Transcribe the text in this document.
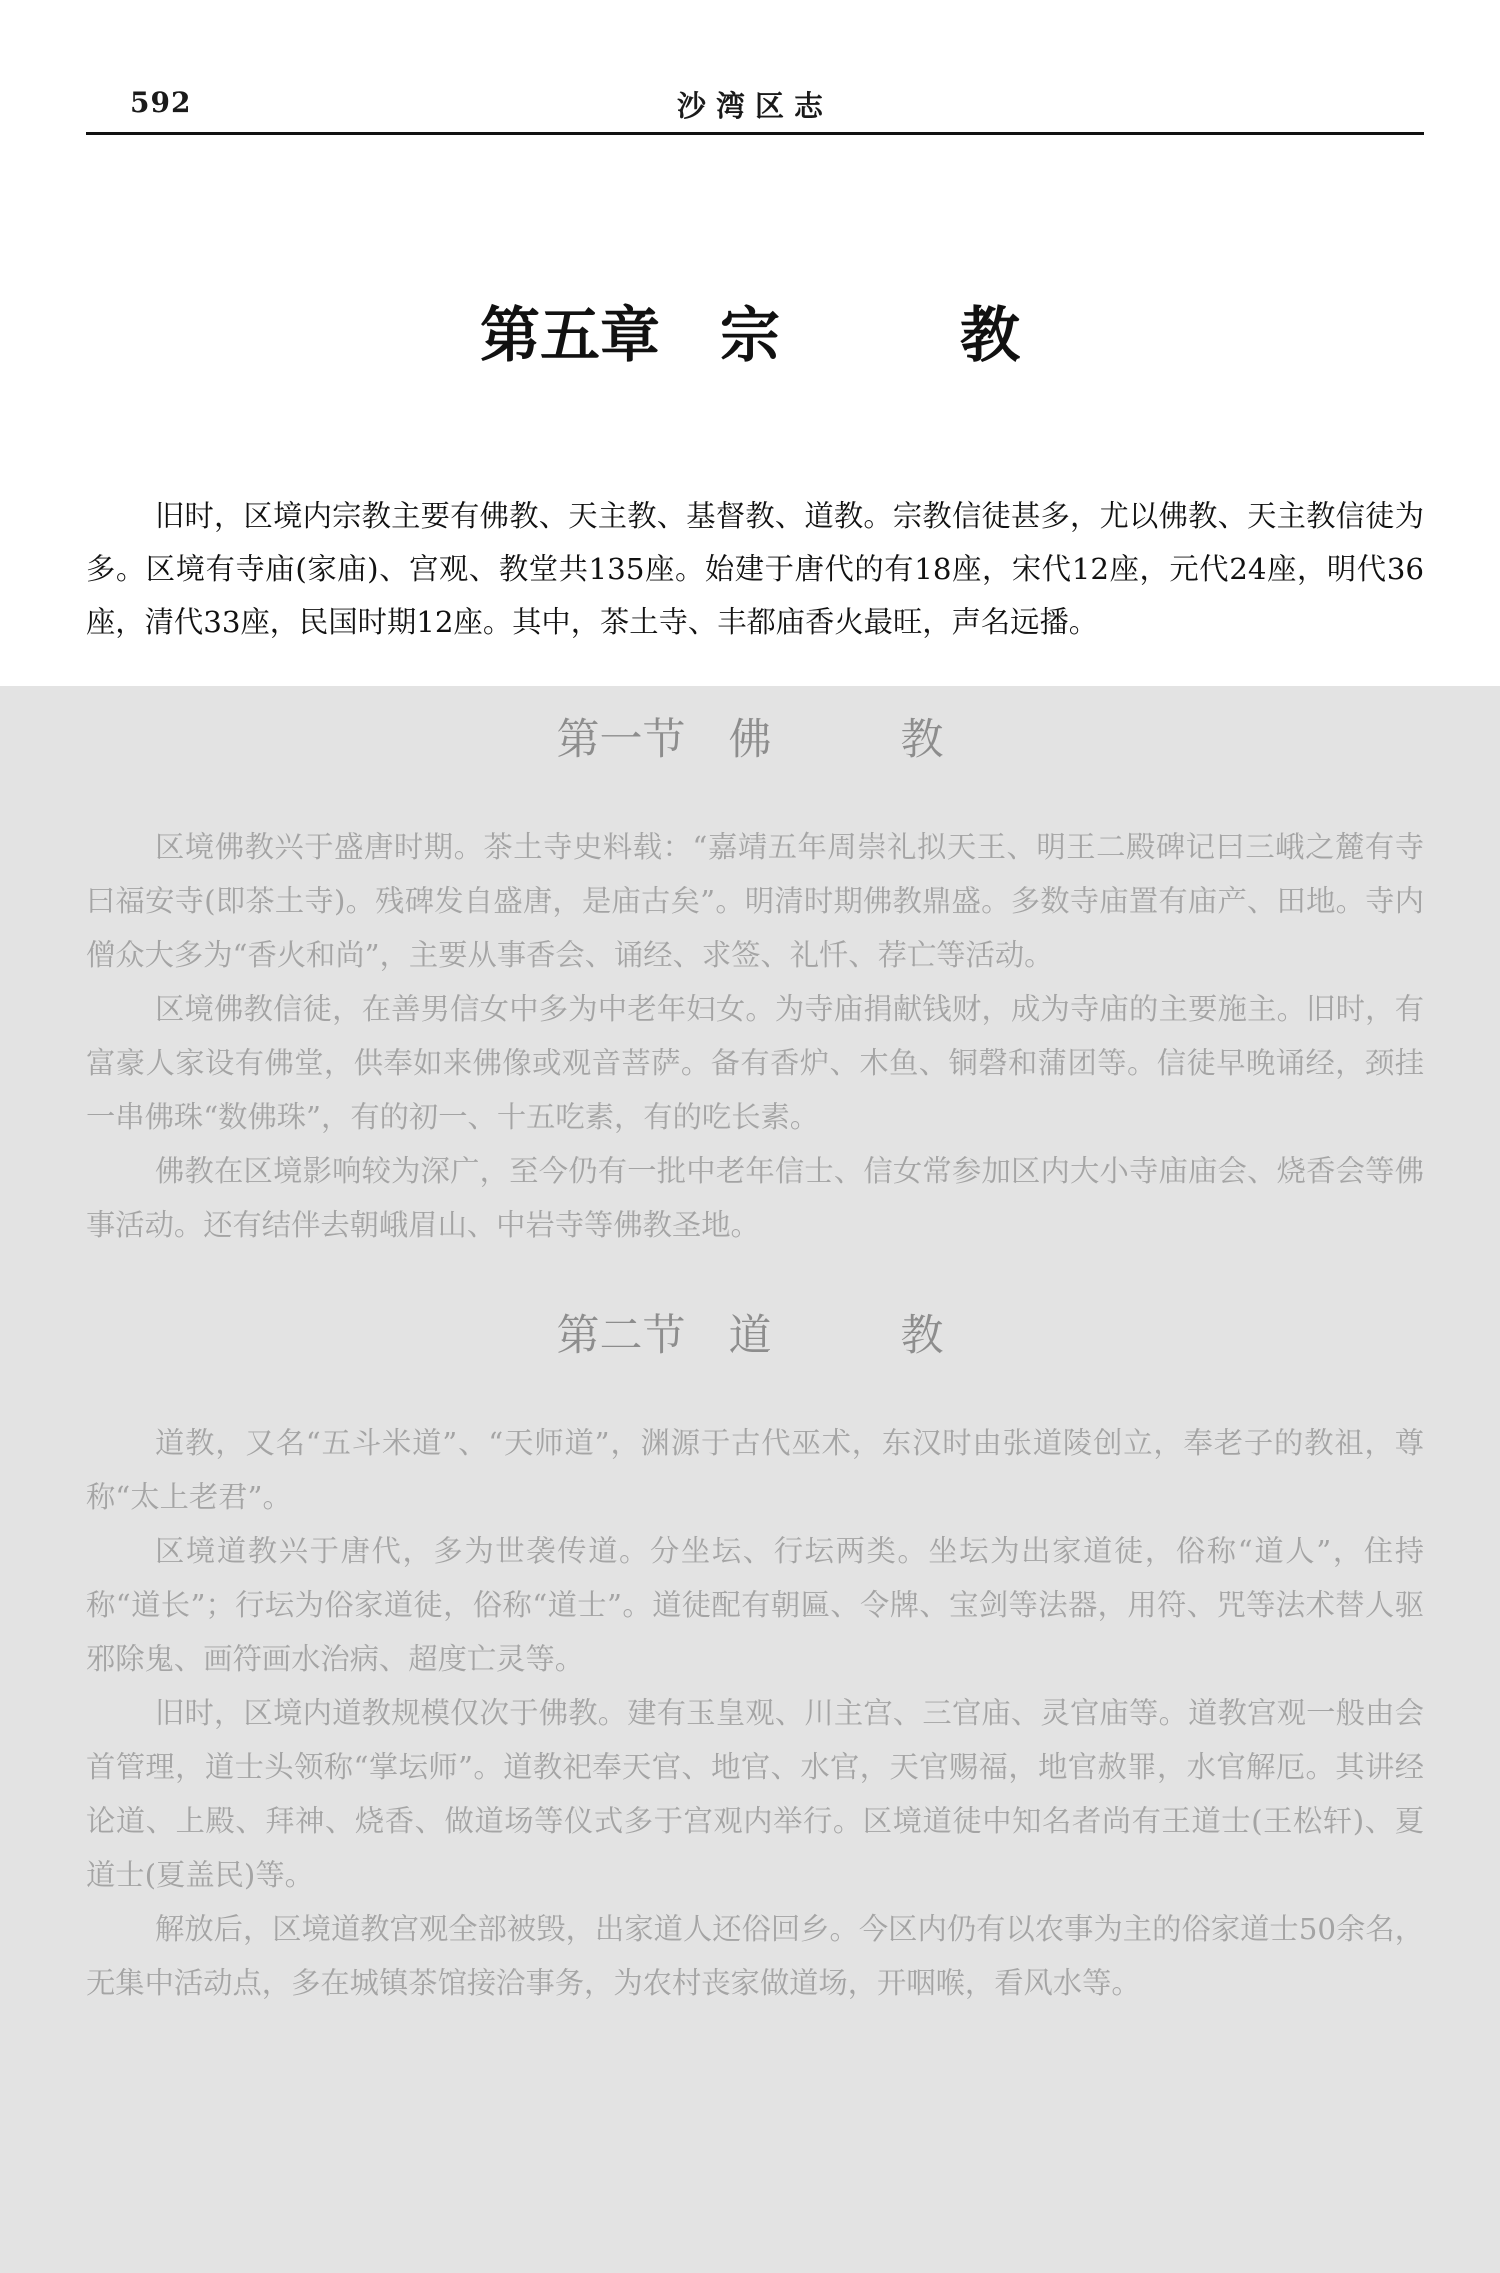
592	沙湾区志
第五章　宗　　　教
旧时，区境内宗教主要有佛教、天主教、基督教、道教。宗教信徒甚多，尤以佛教、天主教信徒为多。区境有寺庙(家庙)、宫观、教堂共135座。始建于唐代的有18座，宋代12座，元代24座，明代36座，清代33座，民国时期12座。其中，茶土寺、丰都庙香火最旺，声名远播。
第一节　佛　　　教

区境佛教兴于盛唐时期。茶土寺史料载：“嘉靖五年周崇礼拟天王、明王二殿碑记曰三峨之麓有寺曰福安寺(即茶土寺)。残碑发自盛唐，是庙古矣”。明清时期佛教鼎盛。多数寺庙置有庙产、田地。寺内僧众大多为“香火和尚”，主要从事香会、诵经、求签、礼忏、荐亡等活动。

区境佛教信徒，在善男信女中多为中老年妇女。为寺庙捐献钱财，成为寺庙的主要施主。旧时，有富豪人家设有佛堂，供奉如来佛像或观音菩萨。备有香炉、木鱼、铜磬和蒲团等。信徒早晚诵经，颈挂一串佛珠“数佛珠”，有的初一、十五吃素，有的吃长素。

佛教在区境影响较为深广，至今仍有一批中老年信士、信女常参加区内大小寺庙庙会、烧香会等佛事活动。还有结伴去朝峨眉山、中岩寺等佛教圣地。

第二节　道　　　教

道教，又名“五斗米道”、“天师道”，渊源于古代巫术，东汉时由张道陵创立，奉老子的教祖，尊称“太上老君”。

区境道教兴于唐代，多为世袭传道。分坐坛、行坛两类。坐坛为出家道徒，俗称“道人”，住持称“道长”；行坛为俗家道徒，俗称“道士”。道徒配有朝匾、令牌、宝剑等法器，用符、咒等法术替人驱邪除鬼、画符画水治病、超度亡灵等。

旧时，区境内道教规模仅次于佛教。建有玉皇观、川主宫、三官庙、灵官庙等。道教宫观一般由会首管理，道士头领称“掌坛师”。道教祀奉天官、地官、水官，天官赐福，地官赦罪，水官解厄。其讲经论道、上殿、拜神、烧香、做道场等仪式多于宫观内举行。区境道徒中知名者尚有王道士(王松轩)、夏道士(夏盖民)等。

解放后，区境道教宫观全部被毁，出家道人还俗回乡。今区内仍有以农事为主的俗家道士50余名，无集中活动点，多在城镇茶馆接洽事务，为农村丧家做道场，开咽喉，看风水等。
